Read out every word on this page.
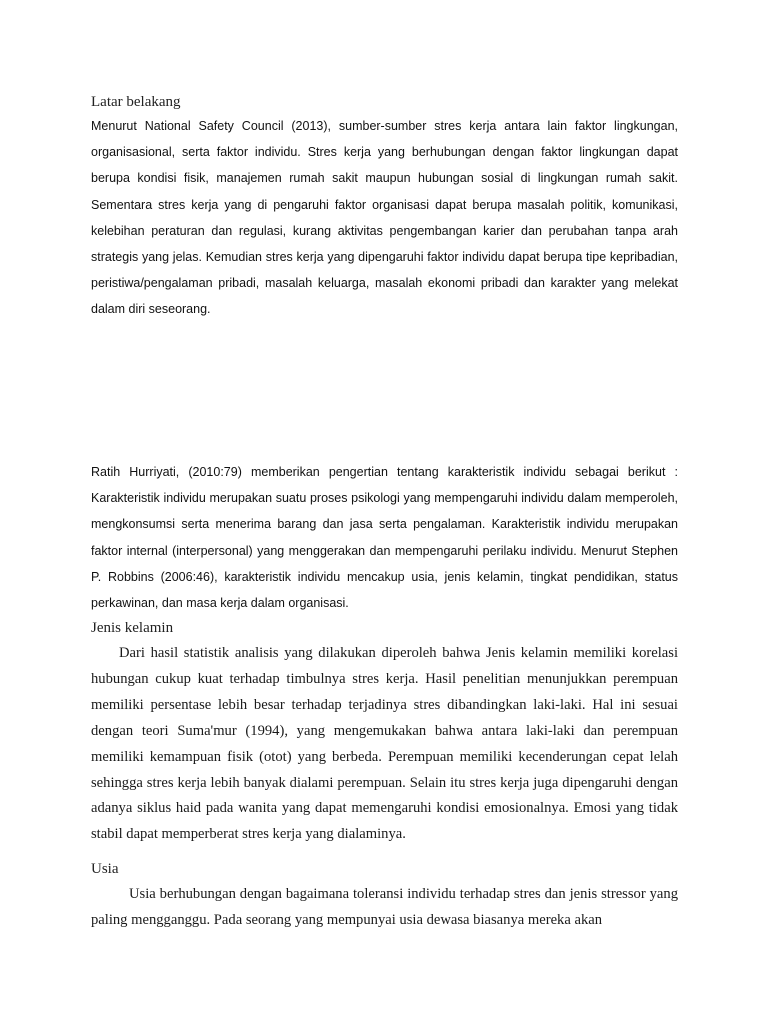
Latar belakang

Menurut National Safety Council (2013), sumber-sumber stres kerja antara lain faktor lingkungan, organisasional, serta faktor individu. Stres kerja yang berhubungan dengan faktor lingkungan dapat berupa kondisi fisik, manajemen rumah sakit maupun hubungan sosial di lingkungan rumah sakit. Sementara stres kerja yang di pengaruhi faktor organisasi dapat berupa masalah politik, komunikasi, kelebihan peraturan dan regulasi, kurang aktivitas pengembangan karier dan perubahan tanpa arah strategis yang jelas. Kemudian stres kerja yang dipengaruhi faktor individu dapat berupa tipe kepribadian, peristiwa/pengalaman pribadi, masalah keluarga, masalah ekonomi pribadi dan karakter yang melekat dalam diri seseorang.

Ratih Hurriyati, (2010:79) memberikan pengertian tentang karakteristik individu sebagai berikut : Karakteristik individu merupakan suatu proses psikologi yang mempengaruhi individu dalam memperoleh, mengkonsumsi serta menerima barang dan jasa serta pengalaman. Karakteristik individu merupakan faktor internal (interpersonal) yang menggerakan dan mempengaruhi perilaku individu. Menurut Stephen P. Robbins (2006:46), karakteristik individu mencakup usia, jenis kelamin, tingkat pendidikan, status perkawinan, dan masa kerja dalam organisasi.

Jenis kelamin

Dari hasil statistik analisis yang dilakukan diperoleh bahwa Jenis kelamin memiliki korelasi hubungan cukup kuat terhadap timbulnya stres kerja. Hasil penelitian menunjukkan perempuan memiliki persentase lebih besar terhadap terjadinya stres dibandingkan laki-laki. Hal ini sesuai dengan teori Suma'mur (1994), yang mengemukakan bahwa antara laki-laki dan perempuan memiliki kemampuan fisik (otot) yang berbeda. Perempuan memiliki kecenderungan cepat lelah sehingga stres kerja lebih banyak dialami perempuan. Selain itu stres kerja juga dipengaruhi dengan adanya siklus haid pada wanita yang dapat memengaruhi kondisi emosionalnya. Emosi yang tidak stabil dapat memperberat stres kerja yang dialaminya.

Usia

Usia berhubungan dengan bagaimana toleransi individu terhadap stres dan jenis stressor yang paling mengganggu. Pada seorang yang mempunyai usia dewasa biasanya mereka akan
